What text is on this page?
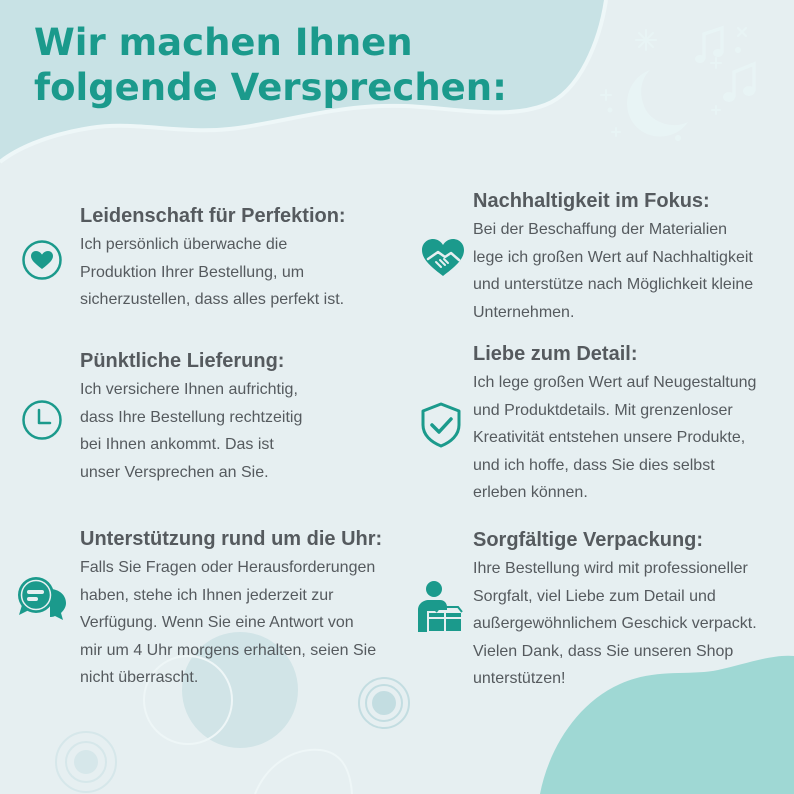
Wir machen Ihnen
folgende Versprechen:
Leidenschaft für Perfektion:

Ich persönlich überwache die
Produktion Ihrer Bestellung, um
sicherzustellen, dass alles perfekt ist.

Pünktliche Lieferung:

Ich versichere Ihnen aufrichtig,
dass Ihre Bestellung rechtzeitig
bei Ihnen ankommt. Das ist
unser Versprechen an Sie.

Unterstützung rund um die Uhr:

Falls Sie Fragen oder Herausforderungen
haben, stehe ich Ihnen jederzeit zur
Verfügung. Wenn Sie eine Antwort von
mir um 4 Uhr morgens erhalten, seien Sie
nicht überrascht.

Nachhaltigkeit im Fokus:

Bei der Beschaffung der Materialien
lege ich großen Wert auf Nachhaltigkeit
und unterstütze nach Möglichkeit kleine
Unternehmen.

Liebe zum Detail:

Ich lege großen Wert auf Neugestaltung
und Produktdetails. Mit grenzenloser
Kreativität entstehen unsere Produkte,
und ich hoffe, dass Sie dies selbst
erleben können.

Sorgfältige Verpackung:

Ihre Bestellung wird mit professioneller
Sorgfalt, viel Liebe zum Detail und
außergewöhnlichem Geschick verpackt.
Vielen Dank, dass Sie unseren Shop
unterstützen!
